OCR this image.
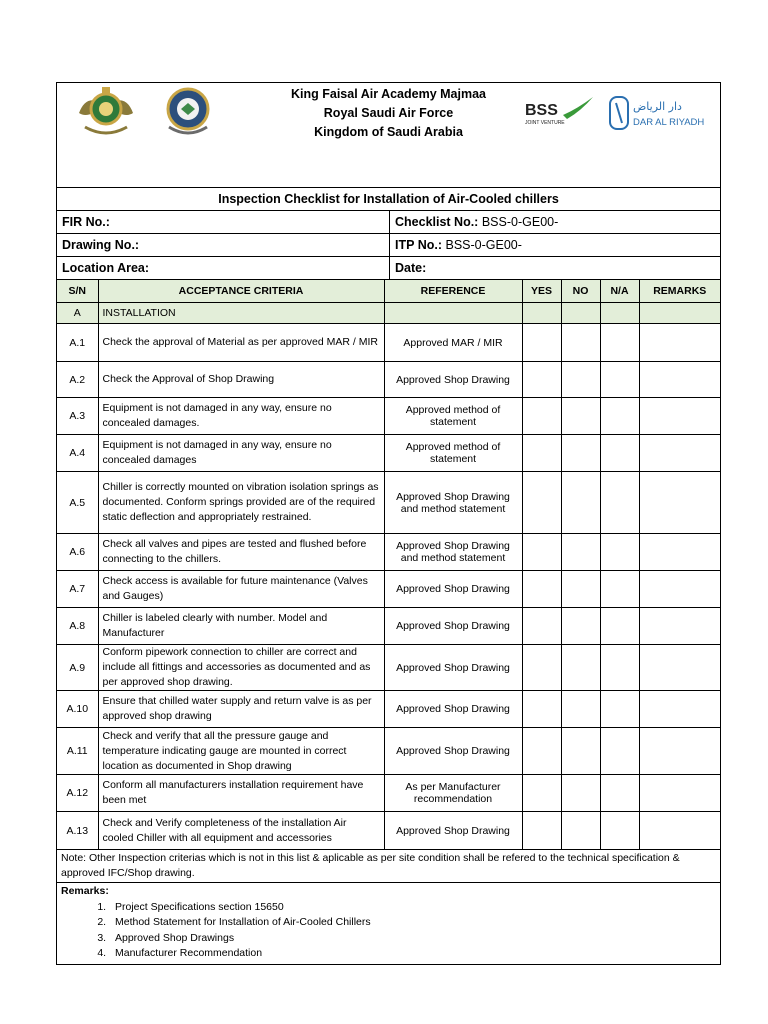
King Faisal Air Academy Majmaa
Royal Saudi Air Force
Kingdom of Saudi Arabia
BSS
JOINT VENTURE
دار الرياض
DAR AL RIYADH
Inspection Checklist for Installation of Air-Cooled chillers
FIR No.:	Checklist No.: BSS-0-GE00-
Drawing No.:	ITP No.: BSS-0-GE00-
Location Area:	Date:
S/N	ACCEPTANCE CRITERIA	REFERENCE	YES	NO	N/A	REMARKS
A	INSTALLATION					
A.1	Check the approval of Material as per approved MAR / MIR	Approved MAR / MIR				
A.2	Check the Approval of Shop Drawing	Approved Shop Drawing				
A.3	Equipment is not damaged in any way, ensure no concealed damages.	Approved method of statement				
A.4	Equipment is not damaged in any way, ensure no concealed damages	Approved method of statement				
A.5	Chiller is correctly mounted on vibration isolation springs as documented. Conform springs provided are of the required static deflection and appropriately restrained.	Approved Shop Drawing and method statement				
A.6	Check all valves and pipes are tested and flushed before connecting to the chillers.	Approved Shop Drawing and method statement				
A.7	Check access is available for future maintenance (Valves and Gauges)	Approved Shop Drawing				
A.8	Chiller is labeled clearly with number. Model and Manufacturer	Approved Shop Drawing				
A.9	Conform pipework connection to chiller are correct and include all fittings and accessories as documented and as per approved shop drawing.	Approved Shop Drawing				
A.10	Ensure that chilled water supply and return valve is as per approved shop drawing	Approved Shop Drawing				
A.11	Check and verify that all the pressure gauge and temperature indicating gauge are mounted in correct location as documented in Shop drawing	Approved Shop Drawing				
A.12	Conform all manufacturers installation requirement have been met	As per Manufacturer recommendation				
A.13	Check and Verify completeness of the installation Air cooled Chiller with all equipment and accessories	Approved Shop Drawing				
Note: Other Inspection criterias which is not in this list & aplicable as per site condition shall be refered to the technical specification & approved IFC/Shop drawing.
Remarks:
1. Project Specifications section 15650
2. Method Statement for Installation of Air-Cooled Chillers
3. Approved Shop Drawings
4. Manufacturer Recommendation
